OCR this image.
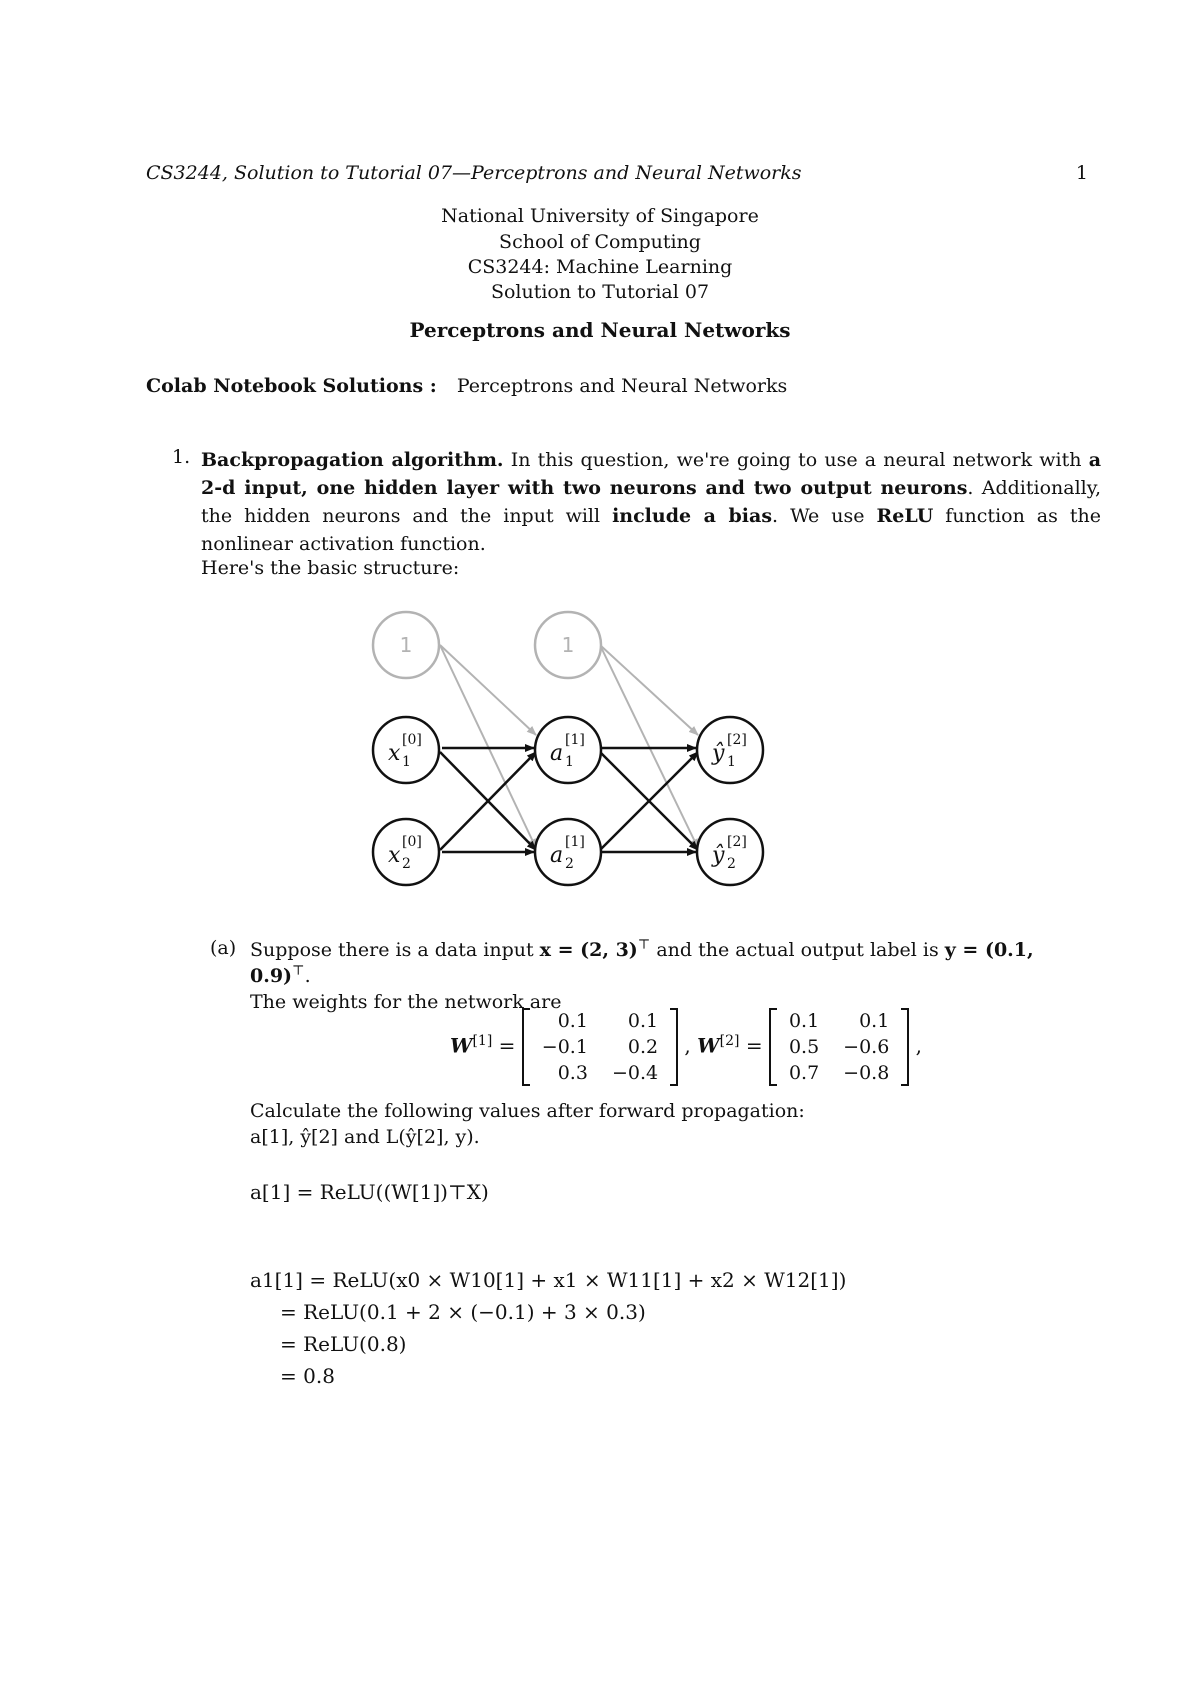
CS3244, Solution to Tutorial 07—Perceptrons and Neural Networks	1
National University of Singapore
School of Computing
CS3244: Machine Learning
Solution to Tutorial 07
Perceptrons and Neural Networks
Colab Notebook Solutions : Perceptrons and Neural Networks
1. Backpropagation algorithm. In this question, we're going to use a neural network with a 2-d input, one hidden layer with two neurons and two output neurons. Additionally, the hidden neurons and the input will include a bias. We use ReLU function as the nonlinear activation function.
Here's the basic structure:
1	1
x
[0]
1
x
[0]
2
a
[1]
1
a
[1]
2
ŷ
[2]
1
ŷ
[2]
2
(a) Suppose there is a data input x = (2, 3)⊤ and the actual output label is y = (0.1, 0.9)⊤.
The weights for the network are
W[1] =
0.1	0.1
−0.1	0.2
0.3	−0.4
, W[2] =
0.1	0.1
0.5	−0.6
0.7	−0.8
,
Calculate the following values after forward propagation:
a[1], ŷ[2] and L(ŷ[2], y).
a[1] = ReLU((W[1])⊤X)
a1[1] = ReLU(x0 × W10[1] + x1 × W11[1] + x2 × W12[1])
= ReLU(0.1 + 2 × (−0.1) + 3 × 0.3)
= ReLU(0.8)
= 0.8
